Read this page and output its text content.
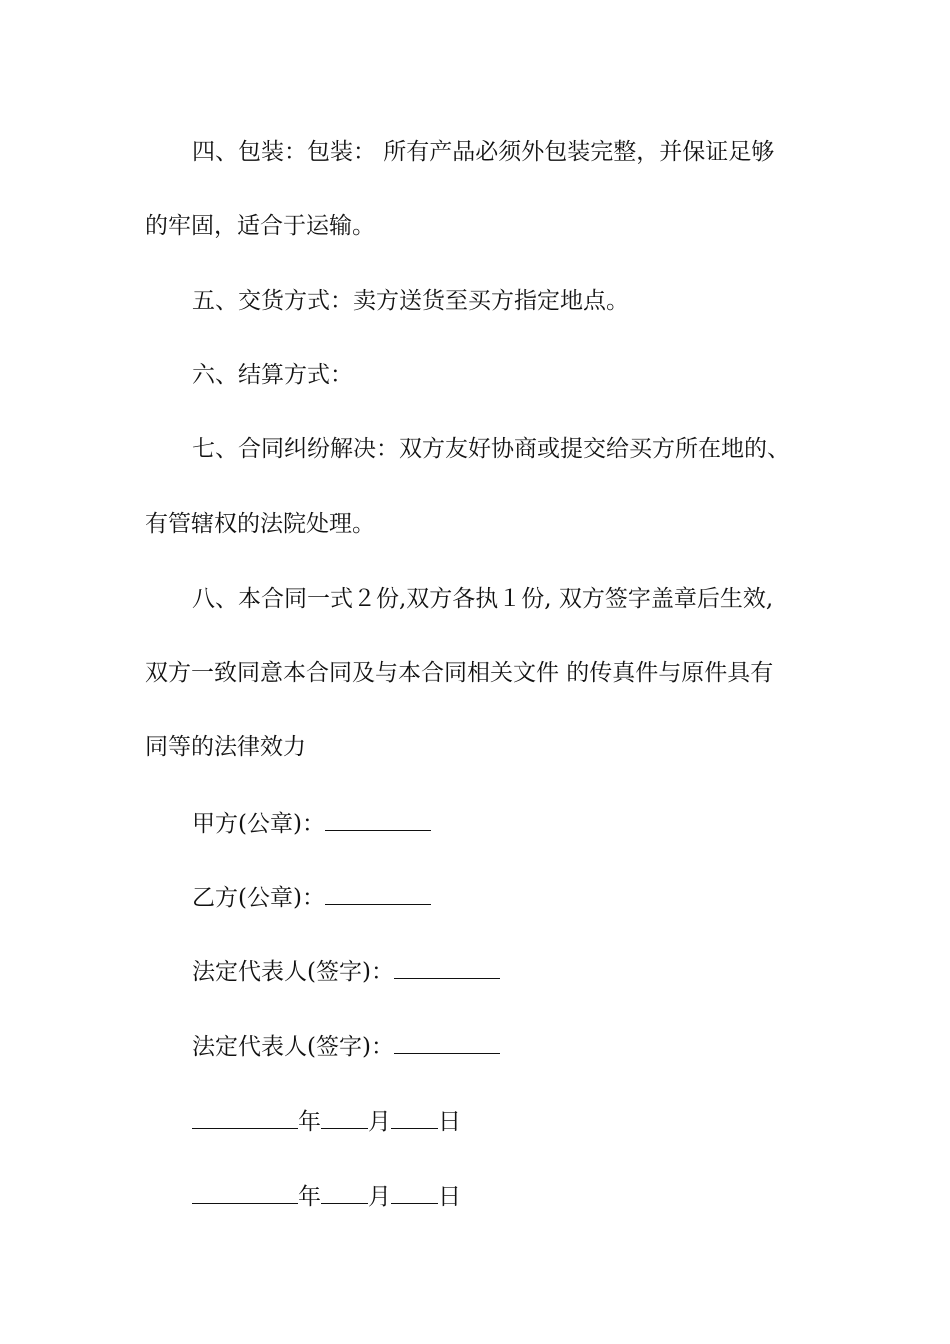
四、包装：包装： 所有产品必须外包装完整，并保证足够
的牢固，适合于运输。
五、交货方式：卖方送货至买方指定地点。
六、结算方式：
七、合同纠纷解决：双方友好协商或提交给买方所在地的、
有管辖权的法院处理。
八、本合同一式２份,双方各执１份, 双方签字盖章后生效,
双方一致同意本合同及与本合同相关文件 的传真件与原件具有
同等的法律效力
甲方(公章)：
乙方(公章)：
法定代表人(签字)：
法定代表人(签字)：
年 月 日
年 月 日
